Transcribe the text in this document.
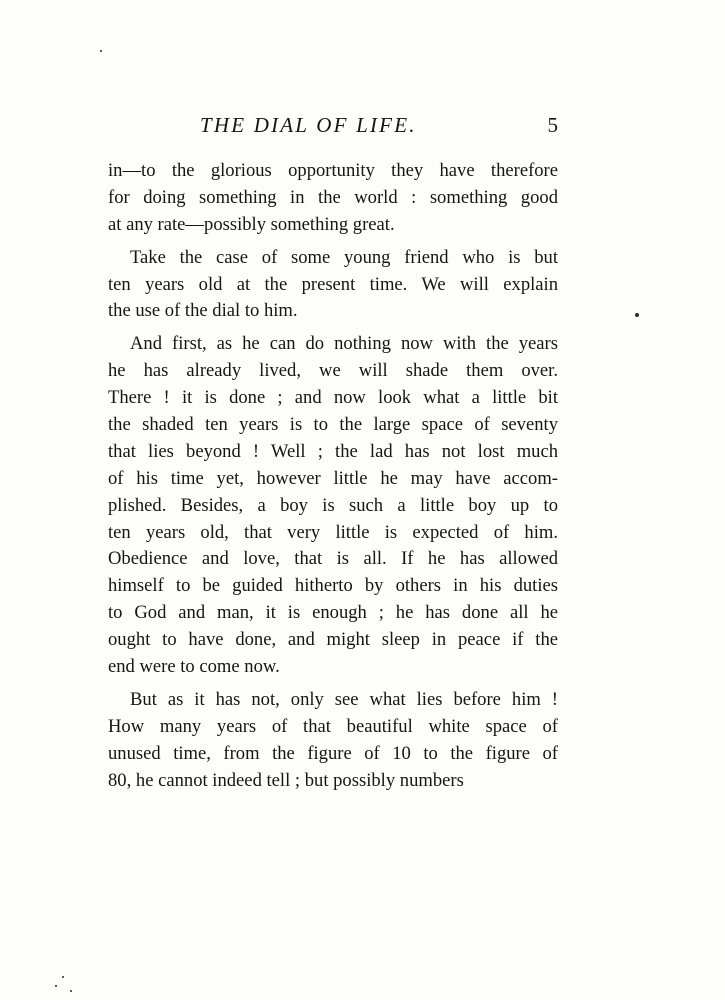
THE DIAL OF LIFE.	5
in—to the glorious opportunity they have therefore
for doing something in the world : something good
at any rate—possibly something great.
Take the case of some young friend who is but
ten years old at the present time. We will explain
the use of the dial to him.
And first, as he can do nothing now with the years
he has already lived, we will shade them over.
There ! it is done ; and now look what a little bit
the shaded ten years is to the large space of seventy
that lies beyond ! Well ; the lad has not lost much
of his time yet, however little he may have accom-
plished. Besides, a boy is such a little boy up to
ten years old, that very little is expected of him.
Obedience and love, that is all. If he has allowed
himself to be guided hitherto by others in his duties
to God and man, it is enough ; he has done all he
ought to have done, and might sleep in peace if the
end were to come now.
But as it has not, only see what lies before him !
How many years of that beautiful white space of
unused time, from the figure of 10 to the figure of
80, he cannot indeed tell ; but possibly numbers
